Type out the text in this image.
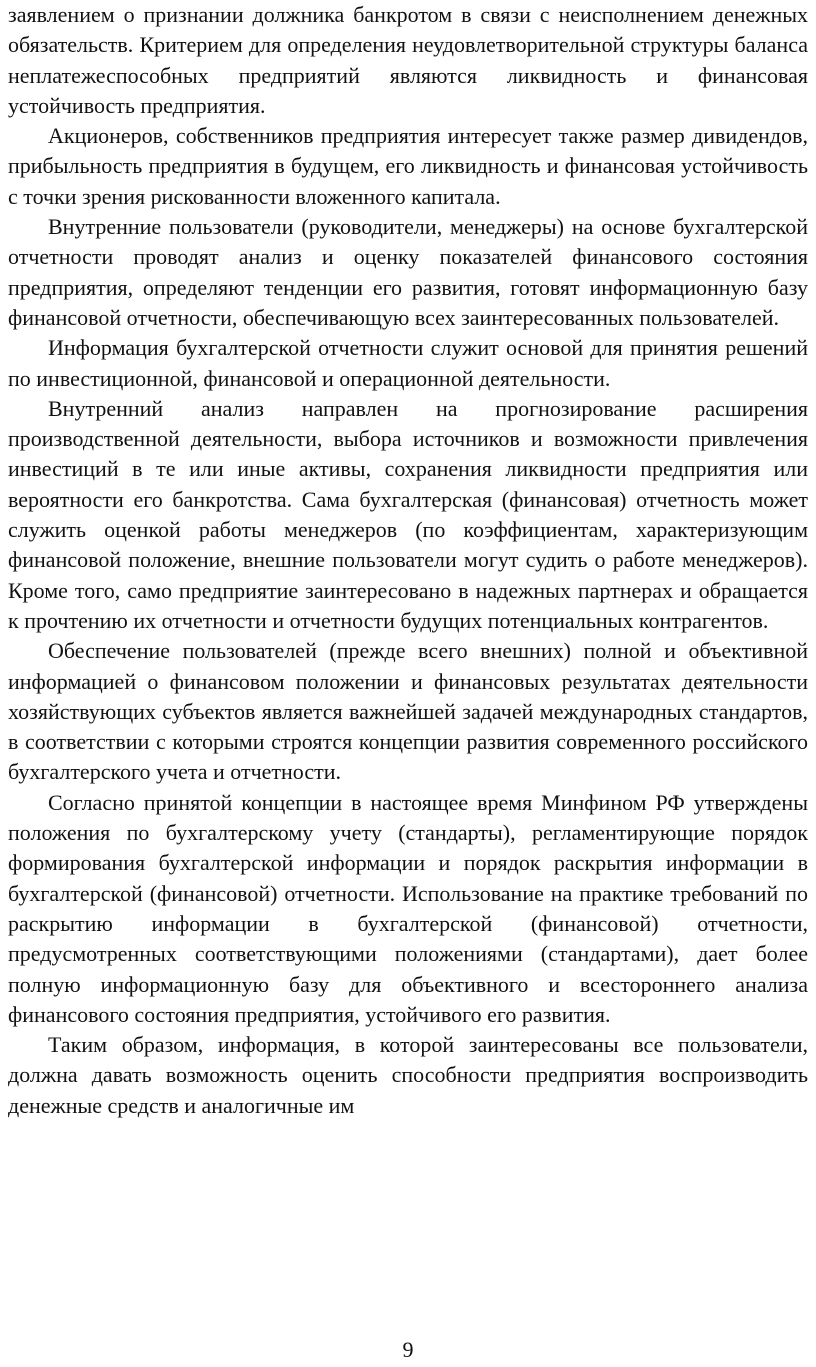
заявлением о признании должника банкротом в связи с неисполнением денежных обязательств. Критерием для определения неудовлетворительной структуры баланса неплатежеспособных предприятий являются ликвидность и финансовая устойчивость предприятия.

Акционеров, собственников предприятия интересует также размер дивидендов, прибыльность предприятия в будущем, его ликвидность и финансовая устойчивость с точки зрения рискованности вложенного капитала.

Внутренние пользователи (руководители, менеджеры) на основе бухгалтерской отчетности проводят анализ и оценку показателей финансового состояния предприятия, определяют тенденции его развития, готовят информационную базу финансовой отчетности, обеспечивающую всех заинтересованных пользователей.

Информация бухгалтерской отчетности служит основой для принятия решений по инвестиционной, финансовой и операционной деятельности.

Внутренний анализ направлен на прогнозирование расширения производственной деятельности, выбора источников и возможности привлечения инвестиций в те или иные активы, сохранения ликвидности предприятия или вероятности его банкротства. Сама бухгалтерская (финансовая) отчетность может служить оценкой работы менеджеров (по коэффициентам, характеризующим финансовой положение, внешние пользователи могут судить о работе менеджеров). Кроме того, само предприятие заинтересовано в надежных партнерах и обращается к прочтению их отчетности и отчетности будущих потенциальных контрагентов.

Обеспечение пользователей (прежде всего внешних) полной и объективной информацией о финансовом положении и финансовых результатах деятельности хозяйствующих субъектов является важнейшей задачей международных стандартов, в соответствии с которыми строятся концепции развития современного российского бухгалтерского учета и отчетности.

Согласно принятой концепции в настоящее время Минфином РФ утверждены положения по бухгалтерскому учету (стандарты), регламентирующие порядок формирования бухгалтерской информации и порядок раскрытия информации в бухгалтерской (финансовой) отчетности. Использование на практике требований по раскрытию информации в бухгалтерской (финансовой) отчетности, предусмотренных соответствующими положениями (стандартами), дает более полную информационную базу для объективного и всестороннего анализа финансового состояния предприятия, устойчивого его развития.

Таким образом, информация, в которой заинтересованы все пользователи, должна давать возможность оценить способности предприятия воспроизводить денежные средств и аналогичные им

9
